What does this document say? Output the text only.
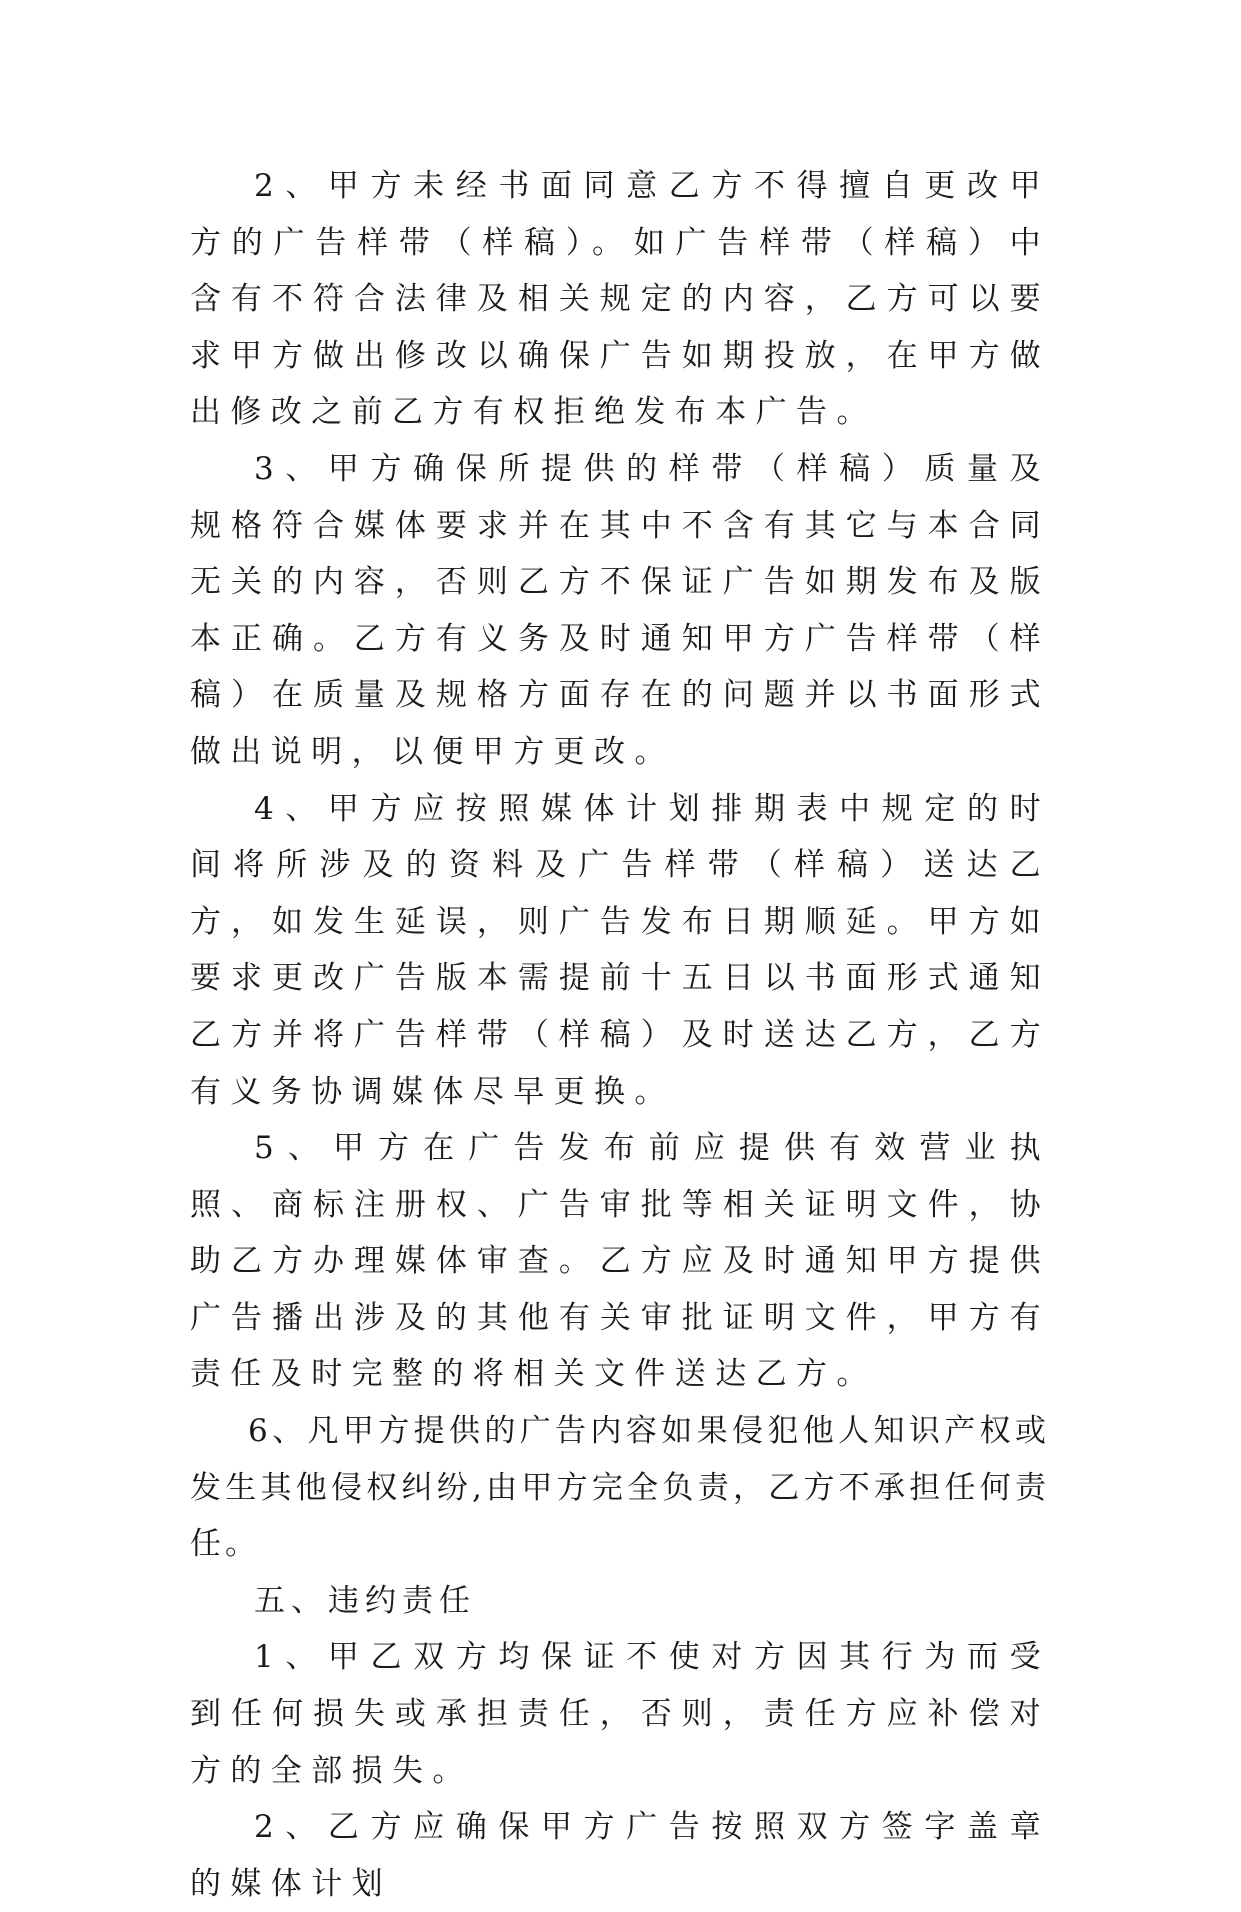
2、甲方未经书面同意乙方不得擅自更改甲方的广告样带（样稿）。如广告样带（样稿）中含有不符合法律及相关规定的内容，乙方可以要求甲方做出修改以确保广告如期投放，在甲方做出修改之前乙方有权拒绝发布本广告。

3、甲方确保所提供的样带（样稿）质量及规格符合媒体要求并在其中不含有其它与本合同无关的内容，否则乙方不保证广告如期发布及版本正确。乙方有义务及时通知甲方广告样带（样稿）在质量及规格方面存在的问题并以书面形式做出说明，以便甲方更改。

4、甲方应按照媒体计划排期表中规定的时间将所涉及的资料及广告样带（样稿）送达乙方，如发生延误，则广告发布日期顺延。甲方如要求更改广告版本需提前十五日以书面形式通知乙方并将广告样带（样稿）及时送达乙方，乙方有义务协调媒体尽早更换。

5、甲方在广告发布前应提供有效营业执照、商标注册权、广告审批等相关证明文件，协助乙方办理媒体审查。乙方应及时通知甲方提供广告播出涉及的其他有关审批证明文件，甲方有责任及时完整的将相关文件送达乙方。

6、凡甲方提供的广告内容如果侵犯他人知识产权或发生其他侵权纠纷,由甲方完全负责，乙方不承担任何责任。

五、违约责任

1、甲乙双方均保证不使对方因其行为而受到任何损失或承担责任，否则，责任方应补偿对方的全部损失。

2、乙方应确保甲方广告按照双方签字盖章的媒体计划
